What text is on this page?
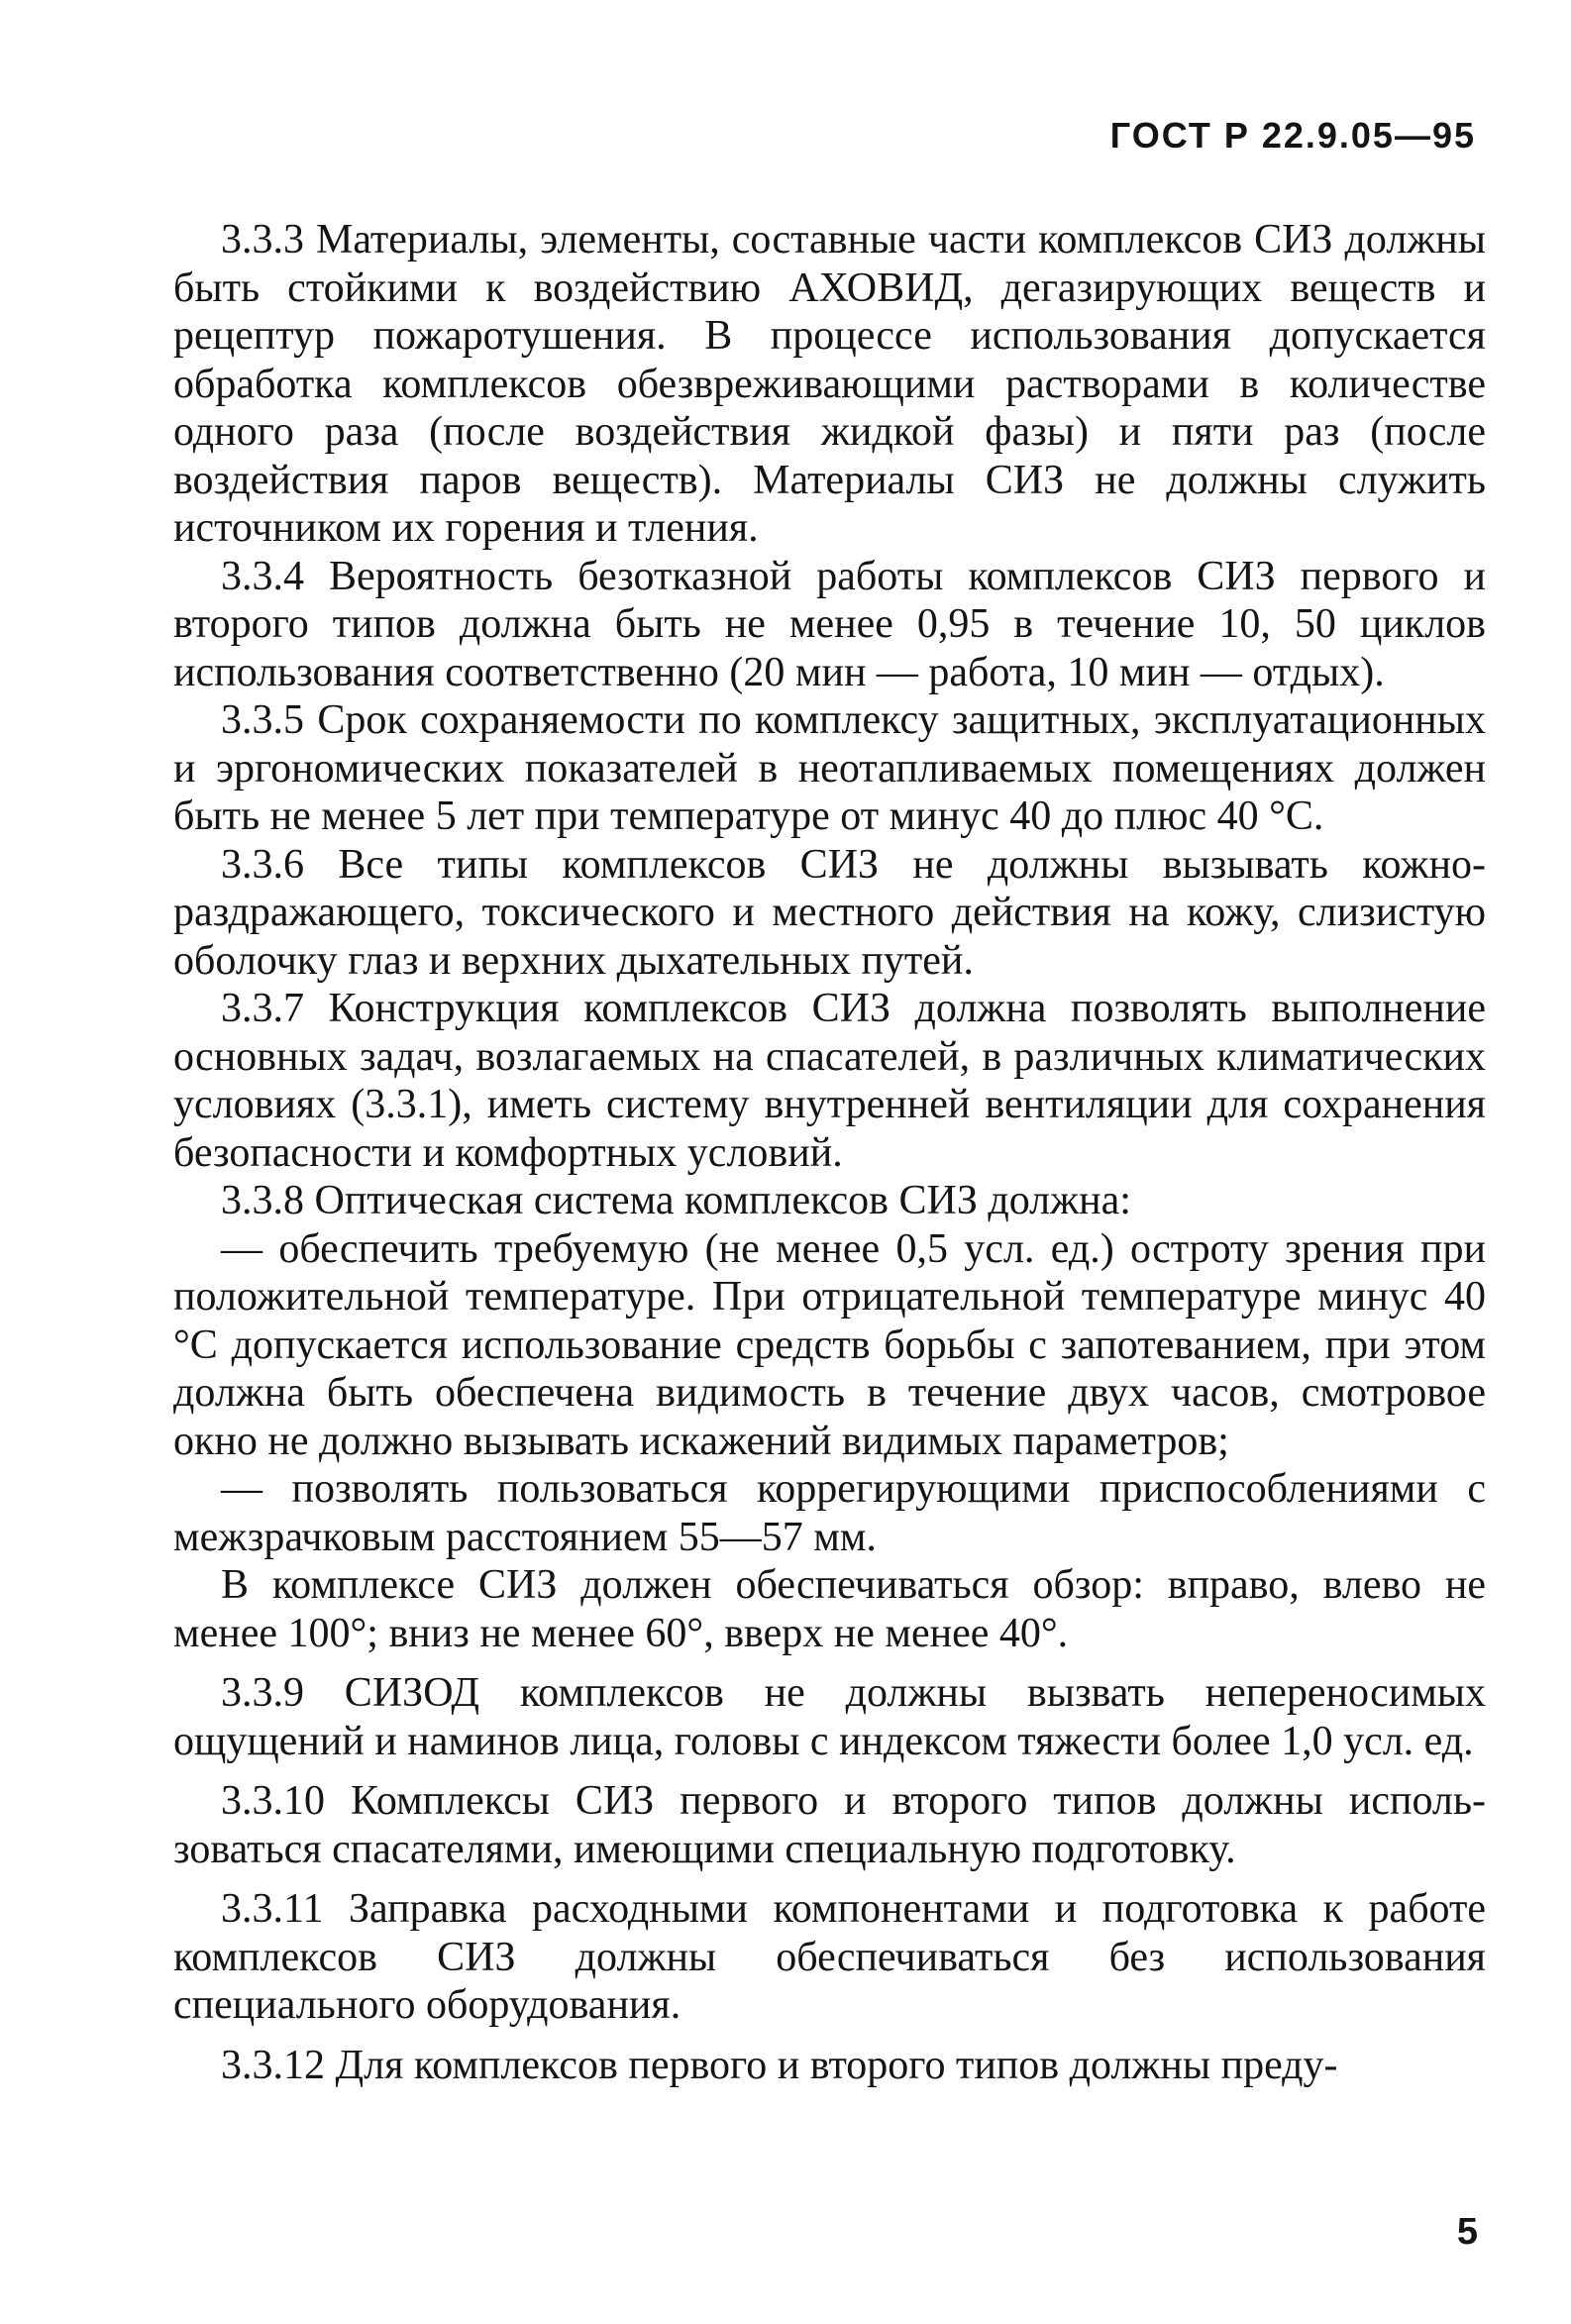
ГОСТ Р 22.9.05—95

3.3.3 Материалы, элементы, составные части комплексов СИЗ должны быть стойкими к воздействию АХОВИД, дегазирующих веществ и рецептур пожаротушения. В процессе использования допускается обработка комплексов обезвреживающими растворами в количестве одного раза (после воздействия жидкой фазы) и пяти раз (после воздействия паров веществ). Материалы СИЗ не должны служить источником их горения и тления.

3.3.4 Вероятность безотказной работы комплексов СИЗ первого и второго типов должна быть не менее 0,95 в течение 10, 50 циклов использования соответственно (20 мин — работа, 10 мин — отдых).

3.3.5 Срок сохраняемости по комплексу защитных, эксплуатационных и эргономических показателей в неотапливаемых помещениях должен быть не менее 5 лет при температуре от минус 40 до плюс 40 °С.

3.3.6 Все типы комплексов СИЗ не должны вызывать кожнораздражающего, токсического и местного действия на кожу, слизистую оболочку глаз и верхних дыхательных путей.

3.3.7 Конструкция комплексов СИЗ должна позволять выполнение основных задач, возлагаемых на спасателей, в различных климатических условиях (3.3.1), иметь систему внутренней вентиляции для сохранения безопасности и комфортных условий.

3.3.8 Оптическая система комплексов СИЗ должна:

— обеспечить требуемую (не менее 0,5 усл. ед.) остроту зрения при положительной температуре. При отрицательной температуре минус 40 °С допускается использование средств борьбы с запотеванием, при этом должна быть обеспечена видимость в течение двух часов, смотровое окно не должно вызывать искажений видимых параметров;

— позволять пользоваться коррегирующими приспособлениями с межзрачковым расстоянием 55—57 мм.

В комплексе СИЗ должен обеспечиваться обзор: вправо, влево не менее 100°; вниз не менее 60°, вверх не менее 40°.

3.3.9 СИЗОД комплексов не должны вызвать непереносимых ощущений и наминов лица, головы с индексом тяжести более 1,0 усл. ед.

3.3.10 Комплексы СИЗ первого и второго типов должны использоваться спасателями, имеющими специальную подготовку.

3.3.11 Заправка расходными компонентами и подготовка к работе комплексов СИЗ должны обеспечиваться без использования специального оборудования.

3.3.12 Для комплексов первого и второго типов должны преду-

5
